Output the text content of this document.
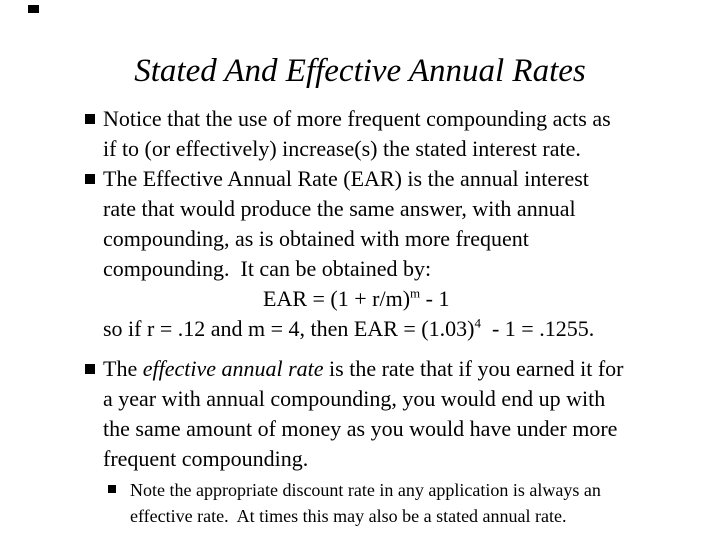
Stated And Effective Annual Rates
Notice that the use of more frequent compounding acts as
if to (or effectively) increase(s) the stated interest rate.
The Effective Annual Rate (EAR) is the annual interest
rate that would produce the same answer, with annual
compounding, as is obtained with more frequent
compounding.  It can be obtained by:
EAR = $(1 + r/m)^m - 1$
so if r = .12 and m = 4, then EAR = $(1.03)^4 - 1 = .1255$.
The effective annual rate is the rate that if you earned it for
a year with annual compounding, you would end up with
the same amount of money as you would have under more
frequent compounding.
Note the appropriate discount rate in any application is always an
effective rate.  At times this may also be a stated annual rate.
